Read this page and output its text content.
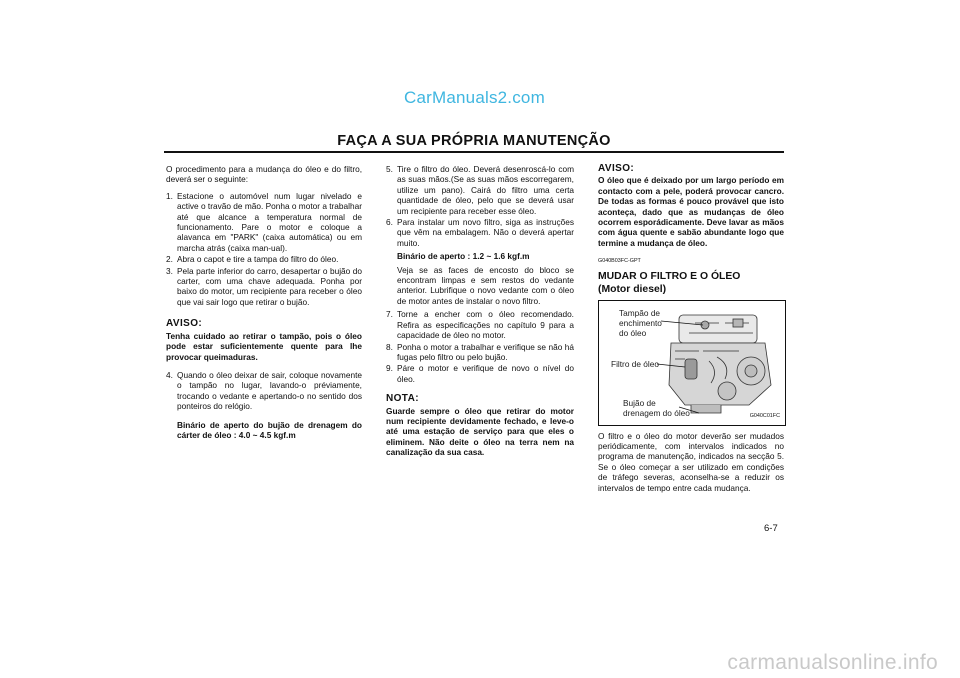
CarManuals2.com
FAÇA A SUA PRÓPRIA MANUTENÇÃO

O procedimento para a mudança do óleo e do filtro, deverá ser o seguinte:

1. Estacione o automóvel num lugar nivelado e active o travão de mão. Ponha o motor a trabalhar até que alcance a temperatura normal de funcionamento. Pare o motor e coloque a alavanca em "PARK" (caixa automática) ou em marcha atrás (caixa man-ual).
2. Abra o capot e tire a tampa do filtro do óleo.
3. Pela parte inferior do carro, desapertar o bujão do carter, com uma chave adequada. Ponha por baixo do motor, um recipiente para receber o óleo que vai sair logo que retirar o bujão.
AVISO:
Tenha cuidado ao retirar o tampão, pois o óleo pode estar suficientemente quente para lhe provocar queimaduras.
4. Quando o óleo deixar de sair, coloque novamente o tampão no lugar, lavando-o préviamente, trocando o vedante e apertando-o no sentido dos ponteiros do relógio.
Binário de aperto do bujão de drenagem do cárter de óleo : 4.0 ~ 4.5 kgf.m
5. Tire o filtro do óleo. Deverá desenroscá-lo com as suas mãos.(Se as suas mãos escorregarem, utilize um pano). Cairá do filtro uma certa quantidade de óleo, pelo que se deverá usar um recipiente para receber esse óleo.
6. Para instalar um novo filtro, siga as instruções que vêm na embalagem. Não o deverá apertar muito.
Binário de aperto : 1.2 ~ 1.6 kgf.m
Veja se as faces de encosto do bloco se encontram limpas e sem restos do vedante anterior. Lubrifique o novo vedante com o óleo de motor antes de instalar o novo filtro.
7. Torne a encher com o óleo recomendado. Refira as especificações no capítulo 9 para a capacidade de óleo no motor.
8. Ponha o motor a trabalhar e verifique se não há fugas pelo filtro ou pelo bujão.
9. Páre o motor e verifique de novo o nível do óleo.
NOTA:
Guarde sempre o óleo que retirar do motor num recipiente devidamente fechado, e leve-o até uma estação de serviço para que eles o eliminem. Não deite o óleo na terra nem na canalização da sua casa.
AVISO:
O óleo que é deixado por um largo período em contacto com a pele, poderá provocar cancro. De todas as formas é pouco provável que isto aconteça, dado que as mudanças de óleo ocorrem esporádicamente. Deve lavar as mãos com água quente e sabão abundante logo que termine a mudança de óleo.
G040B03FC-GPT
MUDAR O FILTRO E O ÓLEO
(Motor diesel)
Tampão de
enchimento
do óleo
Filtro de óleo
Bujão de
drenagem do óleo	G040C01FC

O filtro e o óleo do motor deverão ser mudados periódicamente, com intervalos indicados no programa de manutenção, indicados na secção 5. Se o óleo começar a ser utilizado em condições de tráfego severas, aconselha-se a reduzir os intervalos de tempo entre cada mudança.

6-7
carmanualsonline.info
